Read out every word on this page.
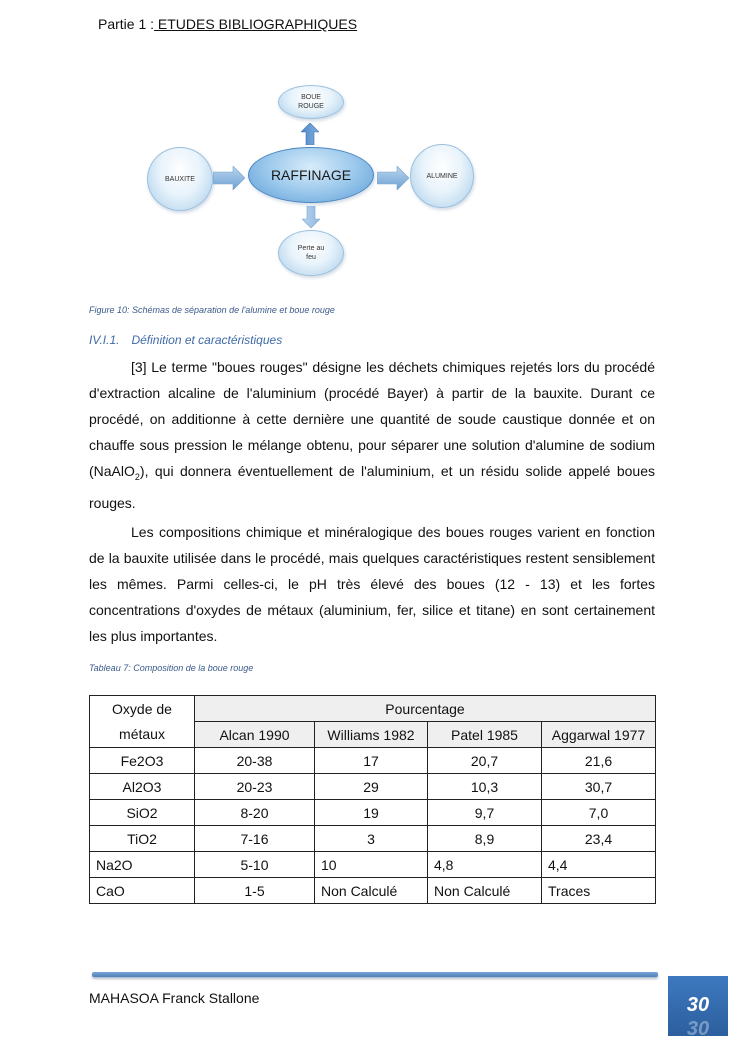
Partie 1 : ETUDES BIBLIOGRAPHIQUES
BOUE ROUGE
BAUXITE	RAFFINAGE	ALUMINE
Perte au feu
Figure 10: Schémas de séparation de l'alumine et boue rouge
IV.I.1. Définition et caractéristiques
[3] Le terme "boues rouges" désigne les déchets chimiques rejetés lors du procédé d'extraction alcaline de l'aluminium (procédé Bayer) à partir de la bauxite. Durant ce procédé, on additionne à cette dernière une quantité de soude caustique donnée et on chauffe sous pression le mélange obtenu, pour séparer une solution d'alumine de sodium (NaAlO$_2$), qui donnera éventuellement de l'aluminium, et un résidu solide appelé boues rouges.
Les compositions chimique et minéralogique des boues rouges varient en fonction de la bauxite utilisée dans le procédé, mais quelques caractéristiques restent sensiblement les mêmes. Parmi celles-ci, le pH très élevé des boues (12 - 13) et les fortes concentrations d'oxydes de métaux (aluminium, fer, silice et titane) en sont certainement les plus importantes.
Tableau 7: Composition de la boue rouge
Oxyde de
métaux	Pourcentage			
	Alcan 1990	Williams 1982	Patel 1985	Aggarwal 1977
Fe2O3	20-38	17	20,7	21,6
Al2O3	20-23	29	10,3	30,7
SiO2	8-20	19	9,7	7,0
TiO2	7-16	3	8,9	23,4
Na2O	5-10	10	4,8	4,4
CaO	1-5	Non Calculé	Non Calculé	Traces
MAHASOA Franck Stallone	30
30
